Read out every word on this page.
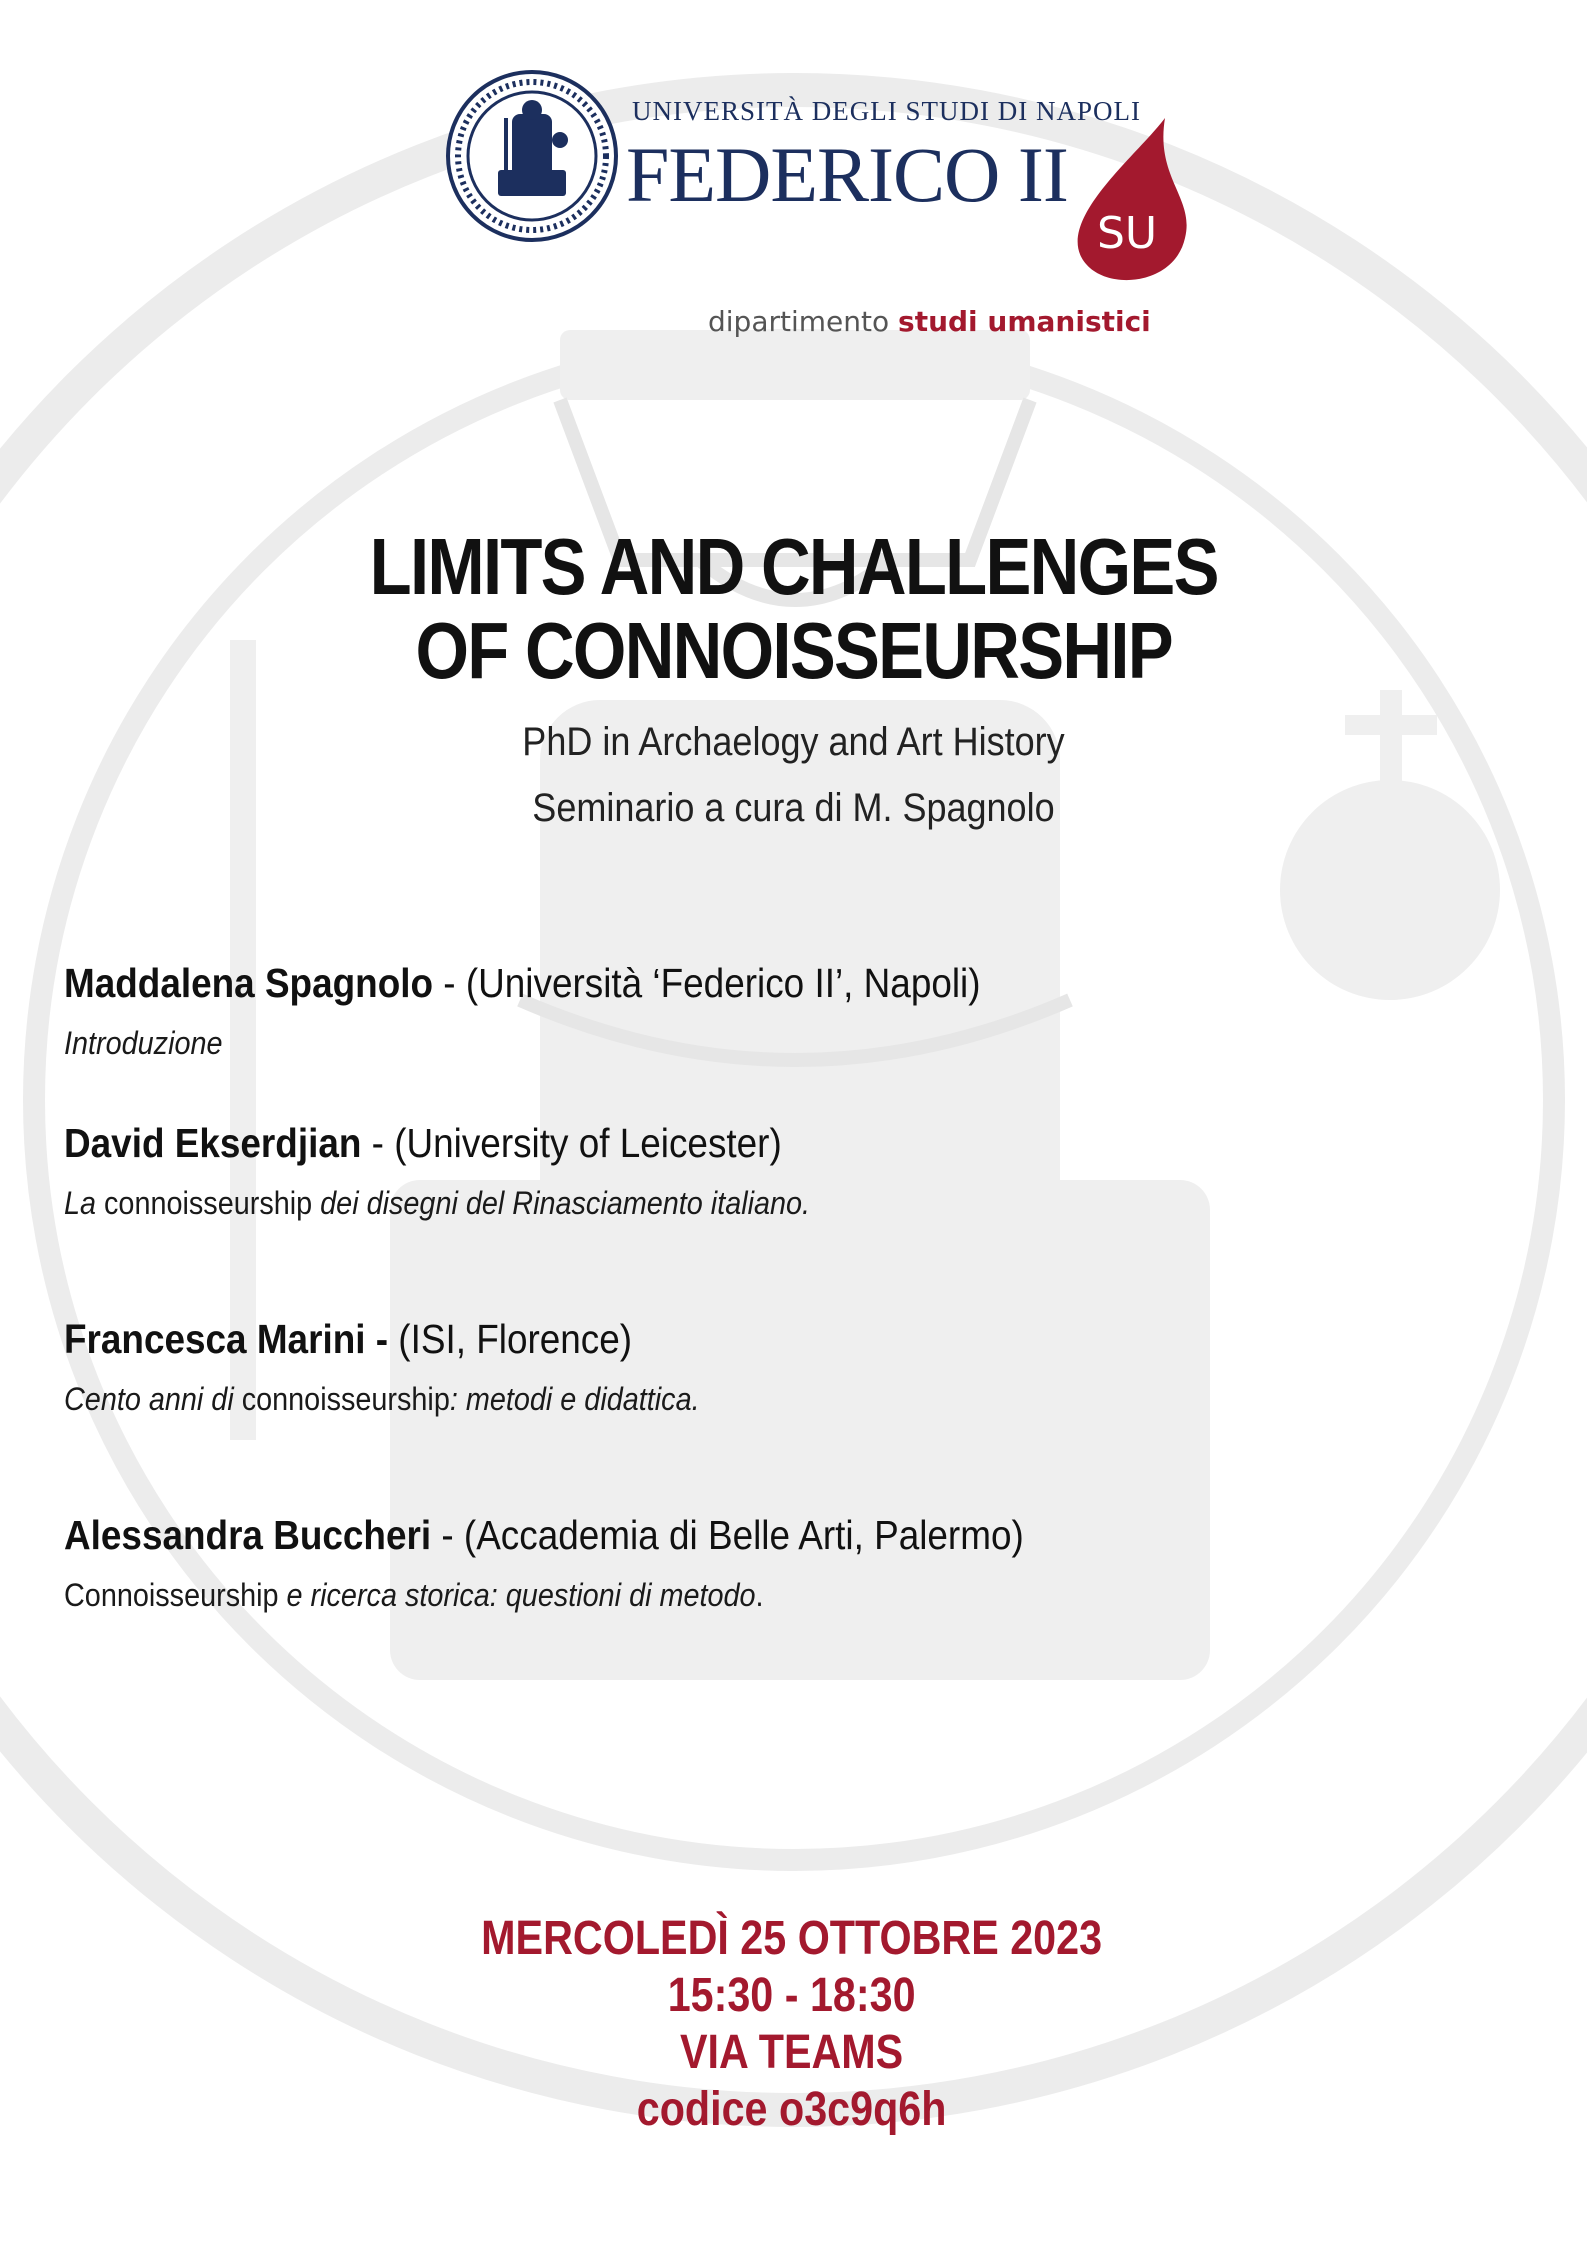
UNIVERSITÀ DEGLI STUDI DI NAPOLI
FEDERICO II
SU
dipartimento studi umanistici
LIMITS AND CHALLENGES
OF CONNOISSEURSHIP
PhD in Archaelogy and Art History
Seminario a cura di M. Spagnolo
Maddalena Spagnolo - (Università ‘Federico II’, Napoli)
Introduzione
David Ekserdjian - (University of Leicester)
La connoisseurship dei disegni del Rinasciamento italiano.
Francesca Marini - (ISI, Florence)
Cento anni di connoisseurship: metodi e didattica.
Alessandra Buccheri - (Accademia di Belle Arti, Palermo)
Connoisseurship e ricerca storica: questioni di metodo.
MERCOLEDÌ 25 OTTOBRE 2023
15:30 - 18:30
VIA TEAMS
codice o3c9q6h
